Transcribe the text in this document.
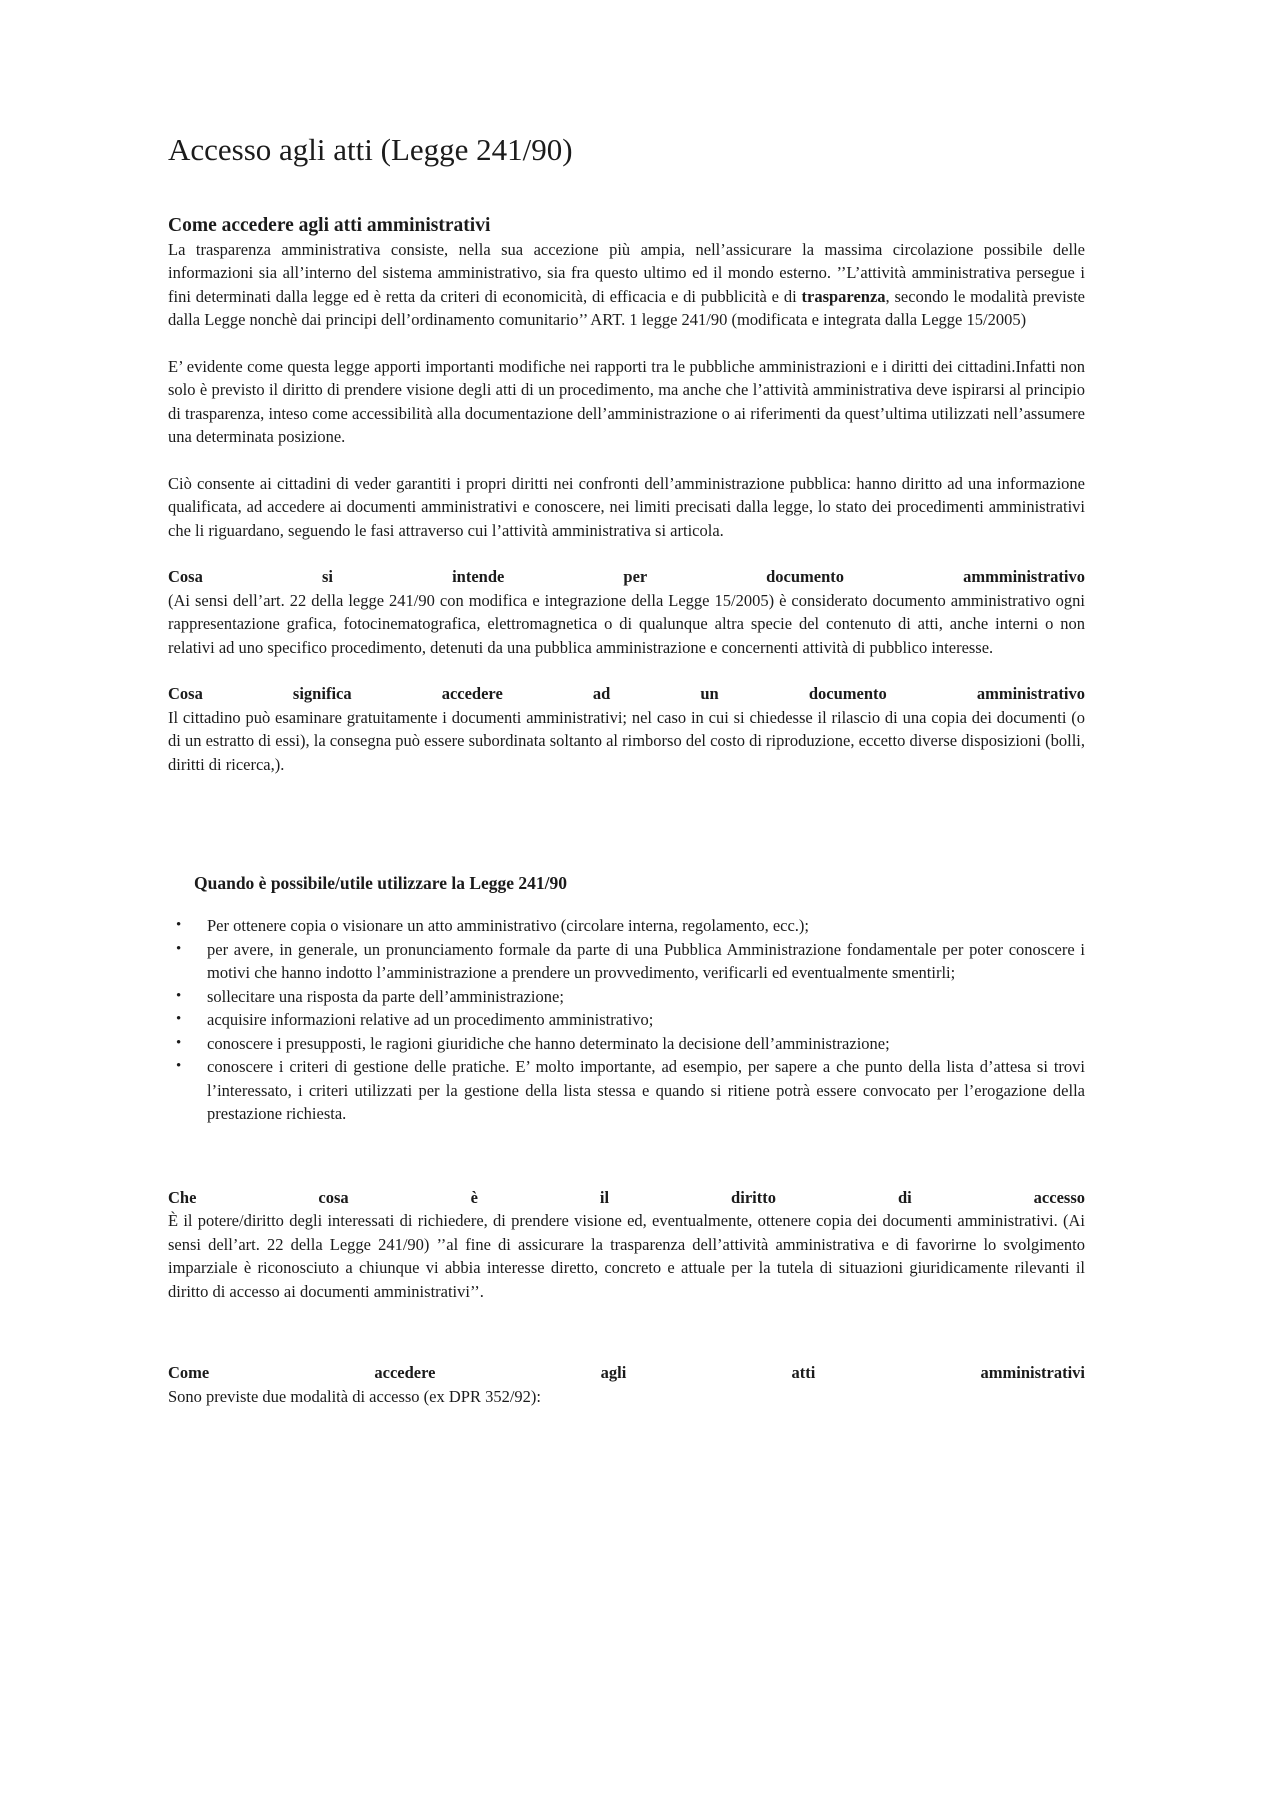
Accesso agli atti (Legge 241/90)
Come accedere agli atti amministrativi

La trasparenza amministrativa consiste, nella sua accezione più ampia, nell’assicurare la massima circolazione possibile delle informazioni sia all’interno del sistema amministrativo, sia fra questo ultimo ed il mondo esterno. ’’L’attività amministrativa persegue i fini determinati dalla legge ed è retta da criteri di economicità, di efficacia e di pubblicità e di trasparenza, secondo le modalità previste dalla Legge nonchè dai principi dell’ordinamento comunitario’’ ART. 1 legge 241/90 (modificata e integrata dalla Legge 15/2005)

E’ evidente come questa legge apporti importanti modifiche nei rapporti tra le pubbliche amministrazioni e i diritti dei cittadini.Infatti non solo è previsto il diritto di prendere visione degli atti di un procedimento, ma anche che l’attività amministrativa deve ispirarsi al principio di trasparenza, inteso come accessibilità alla documentazione dell’amministrazione o ai riferimenti da quest’ultima utilizzati nell’assumere una determinata posizione.

Ciò consente ai cittadini di veder garantiti i propri diritti nei confronti dell’amministrazione pubblica: hanno diritto ad una informazione qualificata, ad accedere ai documenti amministrativi e conoscere, nei limiti precisati dalla legge, lo stato dei procedimenti amministrativi che li riguardano, seguendo le fasi attraverso cui l’attività amministrativa si articola.

Cosa si intende per documento ammministrativo

(Ai sensi dell’art. 22 della legge 241/90 con modifica e integrazione della Legge 15/2005) è considerato documento amministrativo ogni rappresentazione grafica, fotocinematografica, elettromagnetica o di qualunque altra specie del contenuto di atti, anche interni o non relativi ad uno specifico procedimento, detenuti da una pubblica amministrazione e concernenti attività di pubblico interesse.

Cosa significa accedere ad un documento amministrativo

Il cittadino può esaminare gratuitamente i documenti amministrativi; nel caso in cui si chiedesse il rilascio di una copia dei documenti (o di un estratto di essi), la consegna può essere subordinata soltanto al rimborso del costo di riproduzione, eccetto diverse disposizioni (bolli, diritti di ricerca,).

Quando è possibile/utile utilizzare la Legge 241/90
•	Per ottenere copia o visionare un atto amministrativo (circolare interna, regolamento, ecc.);
•	per avere, in generale, un pronunciamento formale da parte di una Pubblica Amministrazione fondamentale per poter conoscere i motivi che hanno indotto l’amministrazione a prendere un provvedimento, verificarli ed eventualmente smentirli;
•	sollecitare una risposta da parte dell’amministrazione;
•	acquisire informazioni relative ad un procedimento amministrativo;
•	conoscere i presupposti, le ragioni giuridiche che hanno determinato la decisione dell’amministrazione;
•	conoscere i criteri di gestione delle pratiche. E’ molto importante, ad esempio, per sapere a che punto della lista d’attesa si trovi l’interessato, i criteri utilizzati per la gestione della lista stessa e quando si ritiene potrà essere convocato per l’erogazione della prestazione richiesta.
Che cosa è il diritto di accesso

È il potere/diritto degli interessati di richiedere, di prendere visione ed, eventualmente, ottenere copia dei documenti amministrativi. (Ai sensi dell’art. 22 della Legge 241/90) ’’al fine di assicurare la trasparenza dell’attività amministrativa e di favorirne lo svolgimento imparziale è riconosciuto a chiunque vi abbia interesse diretto, concreto e attuale per la tutela di situazioni giuridicamente rilevanti il diritto di accesso ai documenti amministrativi’’.

Come accedere agli atti amministrativi

Sono previste due modalità di accesso (ex DPR 352/92):
